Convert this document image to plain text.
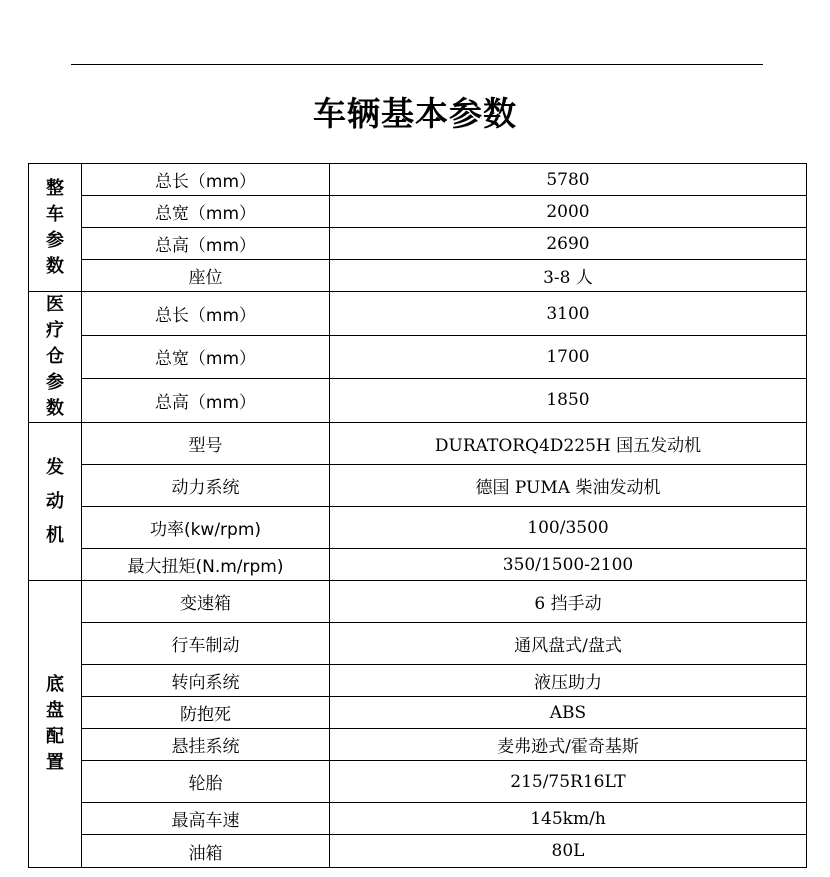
车辆基本参数
整车参数	总长（mm）	5780
	总宽（mm）	2000
	总高（mm）	2690
	座位	3-8 人
医疗仓参数	总长（mm）	3100
	总宽（mm）	1700
	总高（mm）	1850
发动机	型号	DURATORQ4D225H 国五发动机
	动力系统	德国 PUMA 柴油发动机
	功率(kw/rpm)	100/3500
	最大扭矩(N.m/rpm)	350/1500-2100
底盘配置	变速箱	6 挡手动
	行车制动	通风盘式/盘式
	转向系统	液压助力
	防抱死	ABS
	悬挂系统	麦弗逊式/霍奇基斯
	轮胎	215/75R16LT
	最高车速	145km/h
	油箱	80L
